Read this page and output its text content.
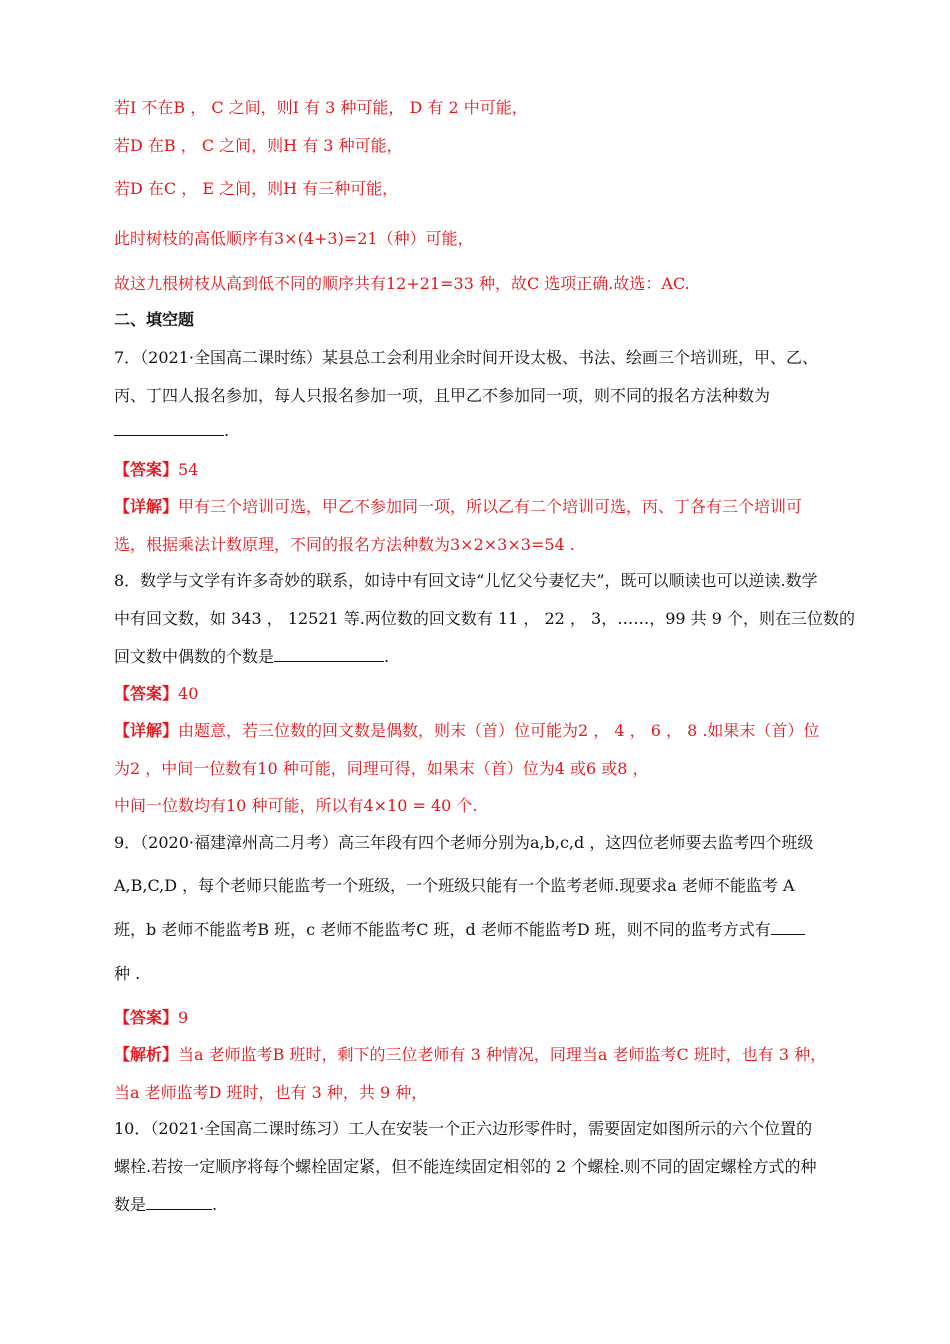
若I 不在B ， C 之间，则I 有 3 种可能， D 有 2 中可能，
若D 在B ， C 之间，则H 有 3 种可能，
若D 在C ， E 之间，则H 有三种可能，
此时树枝的高低顺序有3×(4+3)=21（种）可能，
故这九根树枝从高到低不同的顺序共有12+21=33 种，故C 选项正确.故选：AC.
二、填空题
7．（2021·全国高二课时练）某县总工会利用业余时间开设太极、书法、绘画三个培训班，甲、乙、
丙、丁四人报名参加，每人只报名参加一项，且甲乙不参加同一项，则不同的报名方法种数为
.
【答案】54
【详解】甲有三个培训可选，甲乙不参加同一项，所以乙有二个培训可选，丙、丁各有三个培训可
选，根据乘法计数原理，不同的报名方法种数为3×2×3×3=54 .
8．数学与文学有许多奇妙的联系，如诗中有回文诗“儿忆父兮妻忆夫”，既可以顺读也可以逆读.数学
中有回文数，如 343 ， 12521 等.两位数的回文数有 11 ， 22 ， 3，……，99 共 9 个，则在三位数的
回文数中偶数的个数是	.
【答案】40
【详解】由题意，若三位数的回文数是偶数，则末（首）位可能为2 ， 4 ， 6 ， 8 .如果末（首）位
为2 ，中间一位数有10 种可能，同理可得，如果末（首）位为4 或6 或8 ，
中间一位数均有10 种可能，所以有4×10 = 40 个.
9．（2020·福建漳州高二月考）高三年段有四个老师分别为a,b,c,d ，这四位老师要去监考四个班级
A,B,C,D ，每个老师只能监考一个班级，一个班级只能有一个监考老师.现要求a 老师不能监考 A
班，b 老师不能监考B 班，c 老师不能监考C 班，d 老师不能监考D 班，则不同的监考方式有
种 .
【答案】9
【解析】当a 老师监考B 班时，剩下的三位老师有 3 种情况，同理当a 老师监考C 班时，也有 3 种，
当a 老师监考D 班时，也有 3 种，共 9 种，
10．（2021·全国高二课时练习）工人在安装一个正六边形零件时，需要固定如图所示的六个位置的
螺栓.若按一定顺序将每个螺栓固定紧，但不能连续固定相邻的 2 个螺栓.则不同的固定螺栓方式的种
数是	.
